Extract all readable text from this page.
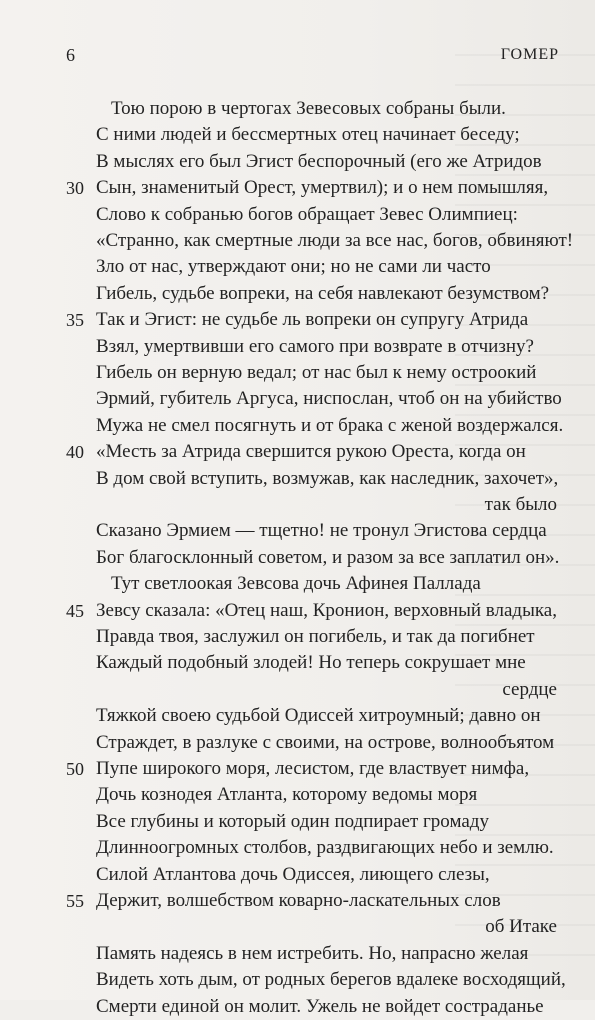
6	ГОМЕР
Тою порою в чертогах Зевесовых собраны были.
С ними людей и бессмертных отец начинает беседу;
В мыслях его был Эгист беспорочный (его же Атридов
30 Сын, знаменитый Орест, умертвил); и о нем помышляя,
Слово к собранью богов обращает Зевес Олимпиец:
«Странно, как смертные люди за все нас, богов, обвиняют!
Зло от нас, утверждают они; но не сами ли часто
Гибель, судьбе вопреки, на себя навлекают безумством?
35 Так и Эгист: не судьбе ль вопреки он супругу Атрида
Взял, умертвивши его самого при возврате в отчизну?
Гибель он верную ведал; от нас был к нему остроокий
Эрмий, губитель Аргуса, ниспослан, чтоб он на убийство
Мужа не смел посягнуть и от брака с женой воздержался.
40 «Месть за Атрида свершится рукою Ореста, когда он
В дом свой вступить, возмужав, как наследник, захочет»,
так было
Сказано Эрмием — тщетно! не тронул Эгистова сердца
Бог благосклонный советом, и разом за все заплатил он».
Тут светлоокая Зевсова дочь Афинея Паллада
45 Зевсу сказала: «Отец наш, Кронион, верховный владыка,
Правда твоя, заслужил он погибель, и так да погибнет
Каждый подобный злодей! Но теперь сокрушает мне
сердце
Тяжкой своею судьбой Одиссей хитроумный; давно он
Страждет, в разлуке с своими, на острове, волнообъятом
50 Пупе широкого моря, лесистом, где властвует нимфа,
Дочь кознодея Атланта, которому ведомы моря
Все глубины и который один подпирает громаду
Длинноогромных столбов, раздвигающих небо и землю.
Силой Атлантова дочь Одиссея, лиющего слезы,
55 Держит, волшебством коварно-ласкательных слов
об Итаке
Память надеясь в нем истребить. Но, напрасно желая
Видеть хоть дым, от родных берегов вдалеке восходящий,
Смерти единой он молит. Ужель не войдет состраданье
